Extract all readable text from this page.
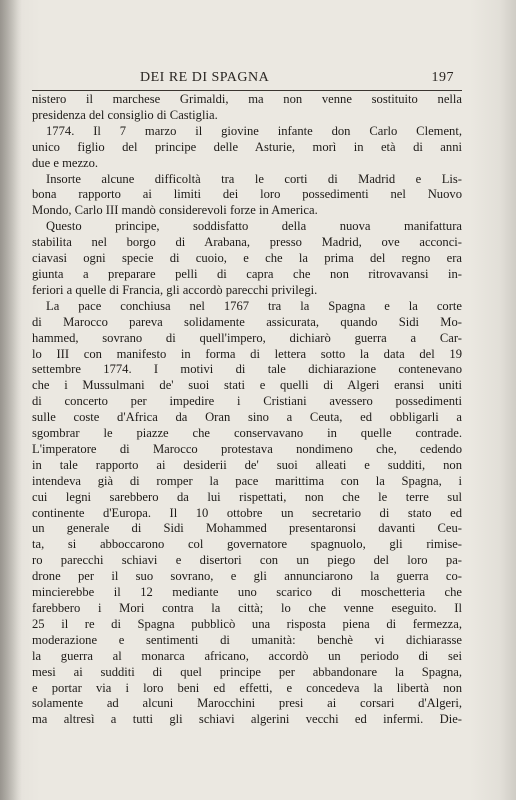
DEI RE DI SPAGNA	197
nistero il marchese Grimaldi, ma non venne sostituito nella
presidenza del consiglio di Castiglia.
1774. Il 7 marzo il giovine infante don Carlo Clement,
unico figlio del principe delle Asturie, morì in età di anni
due e mezzo.
Insorte alcune difficoltà tra le corti di Madrid e Lis-
bona rapporto ai limiti dei loro possedimenti nel Nuovo
Mondo, Carlo III mandò considerevoli forze in America.
Questo principe, soddisfatto della nuova manifattura
stabilita nel borgo di Arabana, presso Madrid, ove acconci-
ciavasi ogni specie di cuoio, e che la prima del regno era
giunta a preparare pelli di capra che non ritrovavansi in-
feriori a quelle di Francia, gli accordò parecchi privilegi.
La pace conchiusa nel 1767 tra la Spagna e la corte
di Marocco pareva solidamente assicurata, quando Sidi Mo-
hammed, sovrano di quell'impero, dichiarò guerra a Car-
lo III con manifesto in forma di lettera sotto la data del 19
settembre 1774. I motivi di tale dichiarazione contenevano
che i Mussulmani de' suoi stati e quelli di Algeri eransi uniti
di concerto per impedire i Cristiani avessero possedimenti
sulle coste d'Africa da Oran sino a Ceuta, ed obbligarli a
sgombrar le piazze che conservavano in quelle contrade.
L'imperatore di Marocco protestava nondimeno che, cedendo
in tale rapporto ai desiderii de' suoi alleati e sudditi, non
intendeva già di romper la pace marittima con la Spagna, i
cui legni sarebbero da lui rispettati, non che le terre sul
continente d'Europa. Il 10 ottobre un secretario di stato ed
un generale di Sidi Mohammed presentaronsi davanti Ceu-
ta, si abboccarono col governatore spagnuolo, gli rimise-
ro parecchi schiavi e disertori con un piego del loro pa-
drone per il suo sovrano, e gli annunciarono la guerra co-
mincierebbe il 12 mediante uno scarico di moschetteria che
farebbero i Mori contra la città; lo che venne eseguito. Il
25 il re di Spagna pubblicò una risposta piena di fermezza,
moderazione e sentimenti di umanità: benchè vi dichiarasse
la guerra al monarca africano, accordò un periodo di sei
mesi ai sudditi di quel principe per abbandonare la Spagna,
e portar via i loro beni ed effetti, e concedeva la libertà non
solamente ad alcuni Marocchini presi ai corsari d'Algeri,
ma altresì a tutti gli schiavi algerini vecchi ed infermi. Die-
